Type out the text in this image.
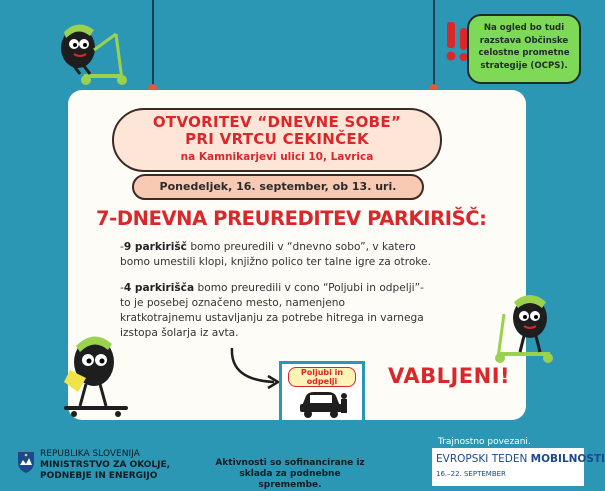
OTVORITEV “DNEVNE SOBE”
PRI VRTCU CEKINČEK
na Kamnikarjevi ulici 10, Lavrica
Ponedeljek, 16. september, ob 13. uri.
7-DNEVNA PREUREDITEV PARKIRIŠČ:
-9 parkirišč bomo preuredili v “dnevno sobo”, v katero
bomo umestili klopi, knjižno polico ter talne igre za otroke.
-4 parkirišča bomo preuredili v cono “Poljubi in odpelji”-
to je posebej označeno mesto, namenjeno
kratkotrajnemu ustavljanju za potrebe hitrega in varnega
izstopa šolarja iz avta.
Poljubi in odpelji	VABLJENI!
Na ogled bo tudi
razstava Občinske
celostne prometne
strategije (OCPS).
REPUBLIKA SLOVENIJA
MINISTRSTVO ZA OKOLJE,
PODNEBJE IN ENERGIJO
Aktivnosti so sofinancirane iz
sklada za podnebne spremembe.
Trajnostno povezani.
EVROPSKI TEDEN MOBILNOSTI
16.–22. SEPTEMBER
